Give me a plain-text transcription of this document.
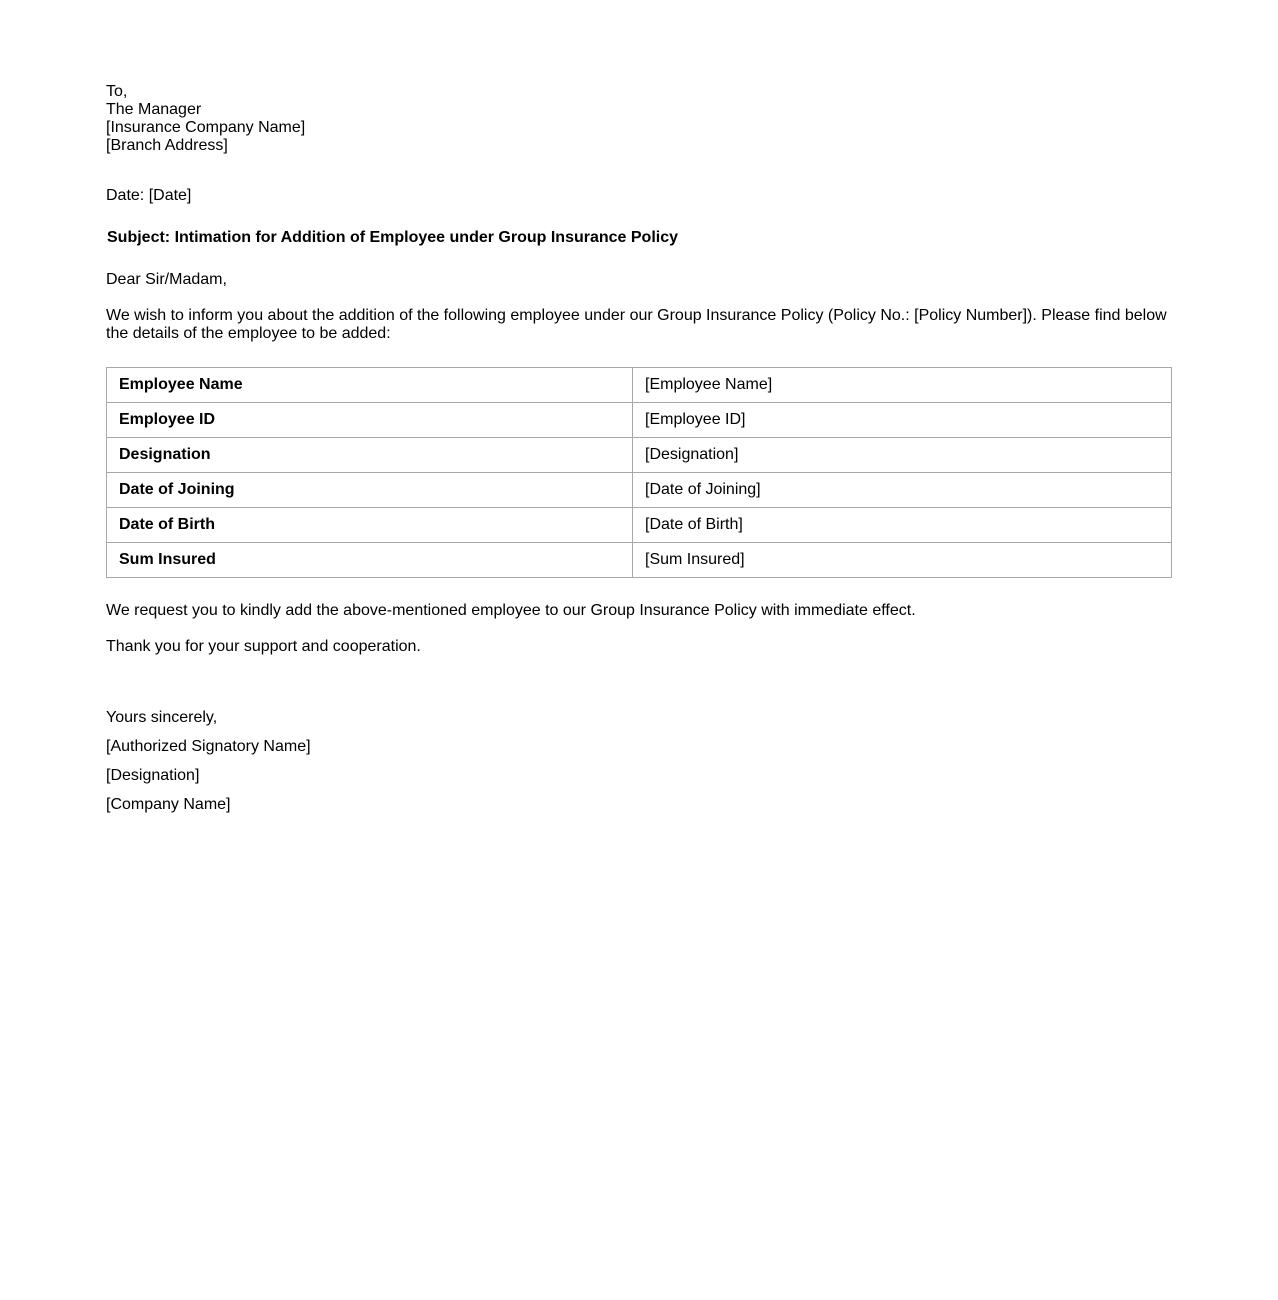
To,
The Manager
[Insurance Company Name]
[Branch Address]
Date: [Date]
Subject: Intimation for Addition of Employee under Group Insurance Policy
Dear Sir/Madam,
We wish to inform you about the addition of the following employee under our Group Insurance Policy (Policy No.: [Policy Number]). Please find below the details of the employee to be added:
Employee Name	[Employee Name]
Employee ID	[Employee ID]
Designation	[Designation]
Date of Joining	[Date of Joining]
Date of Birth	[Date of Birth]
Sum Insured	[Sum Insured]
We request you to kindly add the above-mentioned employee to our Group Insurance Policy with immediate effect.
Thank you for your support and cooperation.
Yours sincerely,
[Authorized Signatory Name]
[Designation]
[Company Name]
